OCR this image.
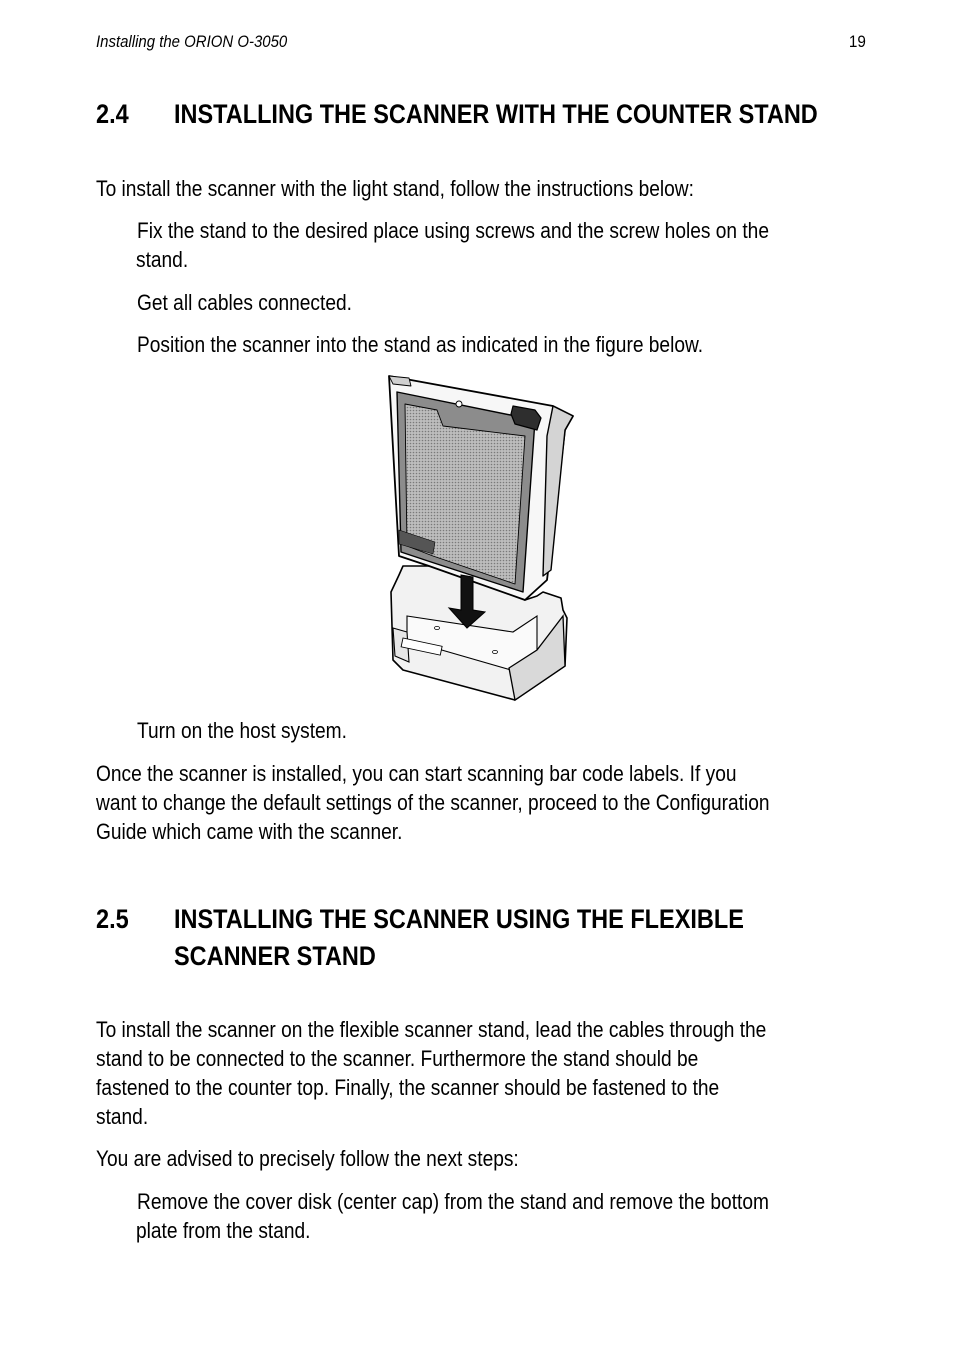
Installing the ORION O-3050	19
2.4 INSTALLING THE SCANNER WITH THE COUNTER STAND
To install the scanner with the light stand, follow the instructions below:
Fix the stand to the desired place using screws and the screw holes on the
stand.
Get all cables connected.
Position the scanner into the stand as indicated in the figure below.
Turn on the host system.
Once the scanner is installed, you can start scanning bar code labels. If you
want to change the default settings of the scanner, proceed to the Configuration
Guide which came with the scanner.
2.5 INSTALLING THE SCANNER USING THE FLEXIBLE
SCANNER STAND
To install the scanner on the flexible scanner stand, lead the cables through the
stand to be connected to the scanner. Furthermore the stand should be
fastened to the counter top. Finally, the scanner should be fastened to the
stand.
You are advised to precisely follow the next steps:
Remove the cover disk (center cap) from the stand and remove the bottom
plate from the stand.
